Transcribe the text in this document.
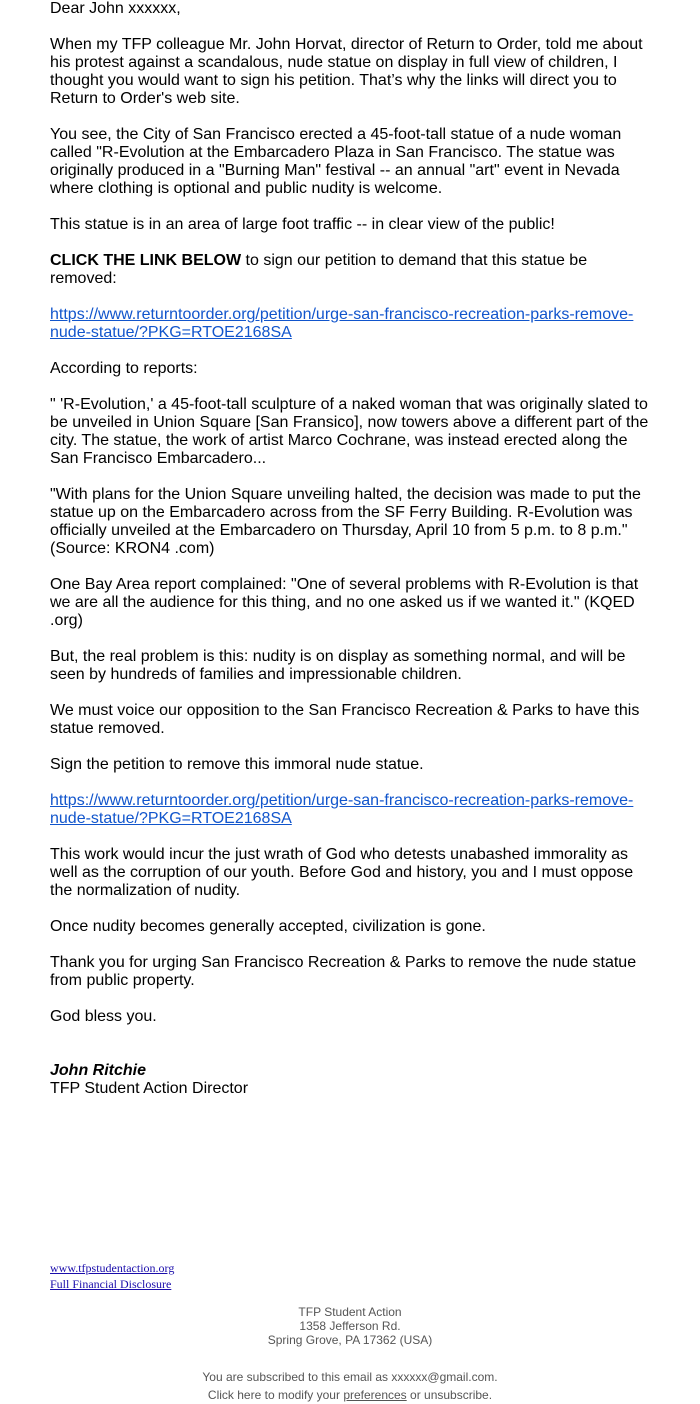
Dear John xxxxxx,

When my TFP colleague Mr. John Horvat, director of Return to Order, told me about his protest against a scandalous, nude statue on display in full view of children, I thought you would want to sign his petition. That’s why the links will direct you to Return to Order's web site.

You see, the City of San Francisco erected a 45-foot-tall statue of a nude woman called "R-Evolution at the Embarcadero Plaza in San Francisco. The statue was originally produced in a "Burning Man" festival -- an annual "art" event in Nevada where clothing is optional and public nudity is welcome.

This statue is in an area of large foot traffic -- in clear view of the public!

CLICK THE LINK BELOW to sign our petition to demand that this statue be removed:

https://www.returntoorder.org/petition/urge-san-francisco-recreation-parks-remove-nude-statue/?PKG=RTOE2168SA

According to reports:

" 'R-Evolution,' a 45-foot-tall sculpture of a naked woman that was originally slated to be unveiled in Union Square [San Fransico], now towers above a different part of the city. The statue, the work of artist Marco Cochrane, was instead erected along the San Francisco Embarcadero...

"With plans for the Union Square unveiling halted, the decision was made to put the statue up on the Embarcadero across from the SF Ferry Building. R-Evolution was officially unveiled at the Embarcadero on Thursday, April 10 from 5 p.m. to 8 p.m." (Source: KRON4 .com)

One Bay Area report complained: "One of several problems with R-Evolution is that we are all the audience for this thing, and no one asked us if we wanted it." (KQED .org)

But, the real problem is this: nudity is on display as something normal, and will be seen by hundreds of families and impressionable children.

We must voice our opposition to the San Francisco Recreation & Parks to have this statue removed.

Sign the petition to remove this immoral nude statue.

https://www.returntoorder.org/petition/urge-san-francisco-recreation-parks-remove-nude-statue/?PKG=RTOE2168SA

This work would incur the just wrath of God who detests unabashed immorality as well as the corruption of our youth. Before God and history, you and I must oppose the normalization of nudity.

Once nudity becomes generally accepted, civilization is gone.

Thank you for urging San Francisco Recreation & Parks to remove the nude statue from public property.

God bless you.

John Ritchie
TFP Student Action Director
www.tfpstudentaction.org
Full Financial Disclosure
TFP Student Action
1358 Jefferson Rd.
Spring Grove, PA 17362 (USA)
You are subscribed to this email as xxxxxx@gmail.com.
Click here to modify your preferences or unsubscribe.
